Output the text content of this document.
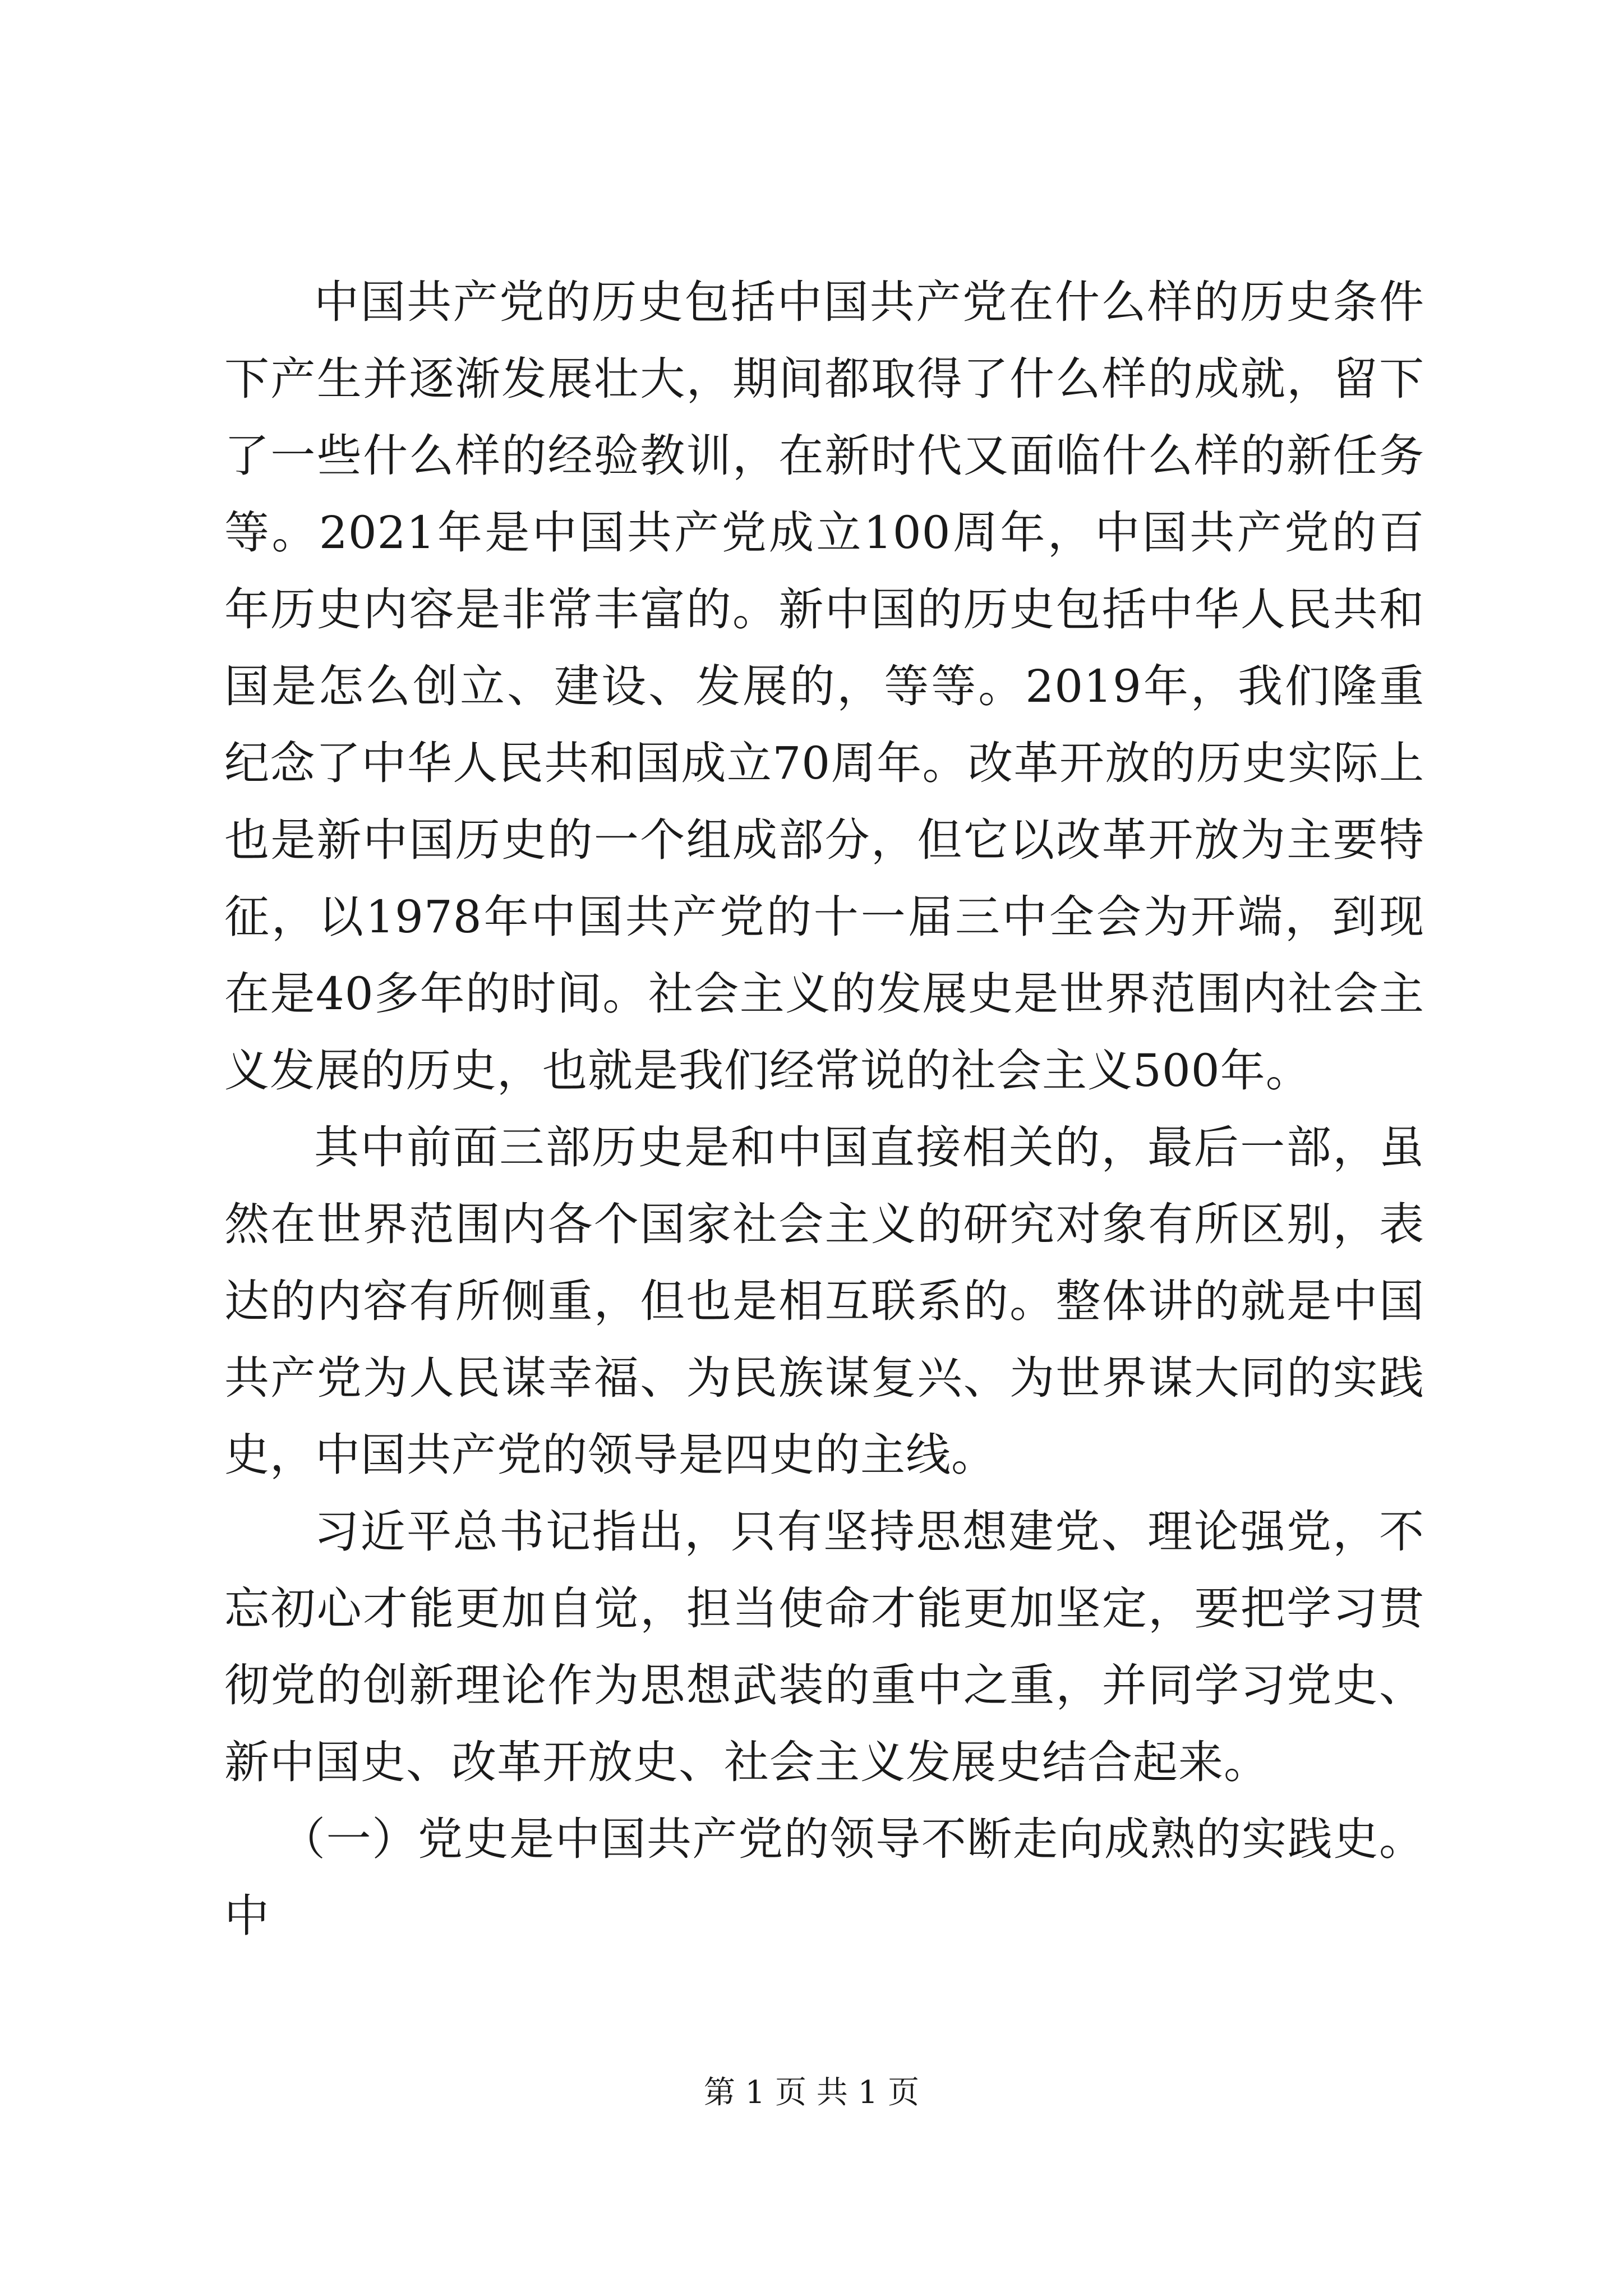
中国共产党的历史包括中国共产党在什么样的历史条件下产生并逐渐发展壮大，期间都取得了什么样的成就，留下了一些什么样的经验教训，在新时代又面临什么样的新任务等。2021年是中国共产党成立100周年，中国共产党的百年历史内容是非常丰富的。新中国的历史包括中华人民共和国是怎么创立、建设、发展的，等等。2019年，我们隆重纪念了中华人民共和国成立70周年。改革开放的历史实际上也是新中国历史的一个组成部分，但它以改革开放为主要特征，以1978年中国共产党的十一届三中全会为开端，到现在是40多年的时间。社会主义的发展史是世界范围内社会主义发展的历史，也就是我们经常说的社会主义500年。

其中前面三部历史是和中国直接相关的，最后一部，虽然在世界范围内各个国家社会主义的研究对象有所区别，表达的内容有所侧重，但也是相互联系的。整体讲的就是中国共产党为人民谋幸福、为民族谋复兴、为世界谋大同的实践史，中国共产党的领导是四史的主线。

习近平总书记指出，只有坚持思想建党、理论强党，不忘初心才能更加自觉，担当使命才能更加坚定，要把学习贯彻党的创新理论作为思想武装的重中之重，并同学习党史、新中国史、改革开放史、社会主义发展史结合起来。

（一）党史是中国共产党的领导不断走向成熟的实践史。中

第 1 页 共 1 页
